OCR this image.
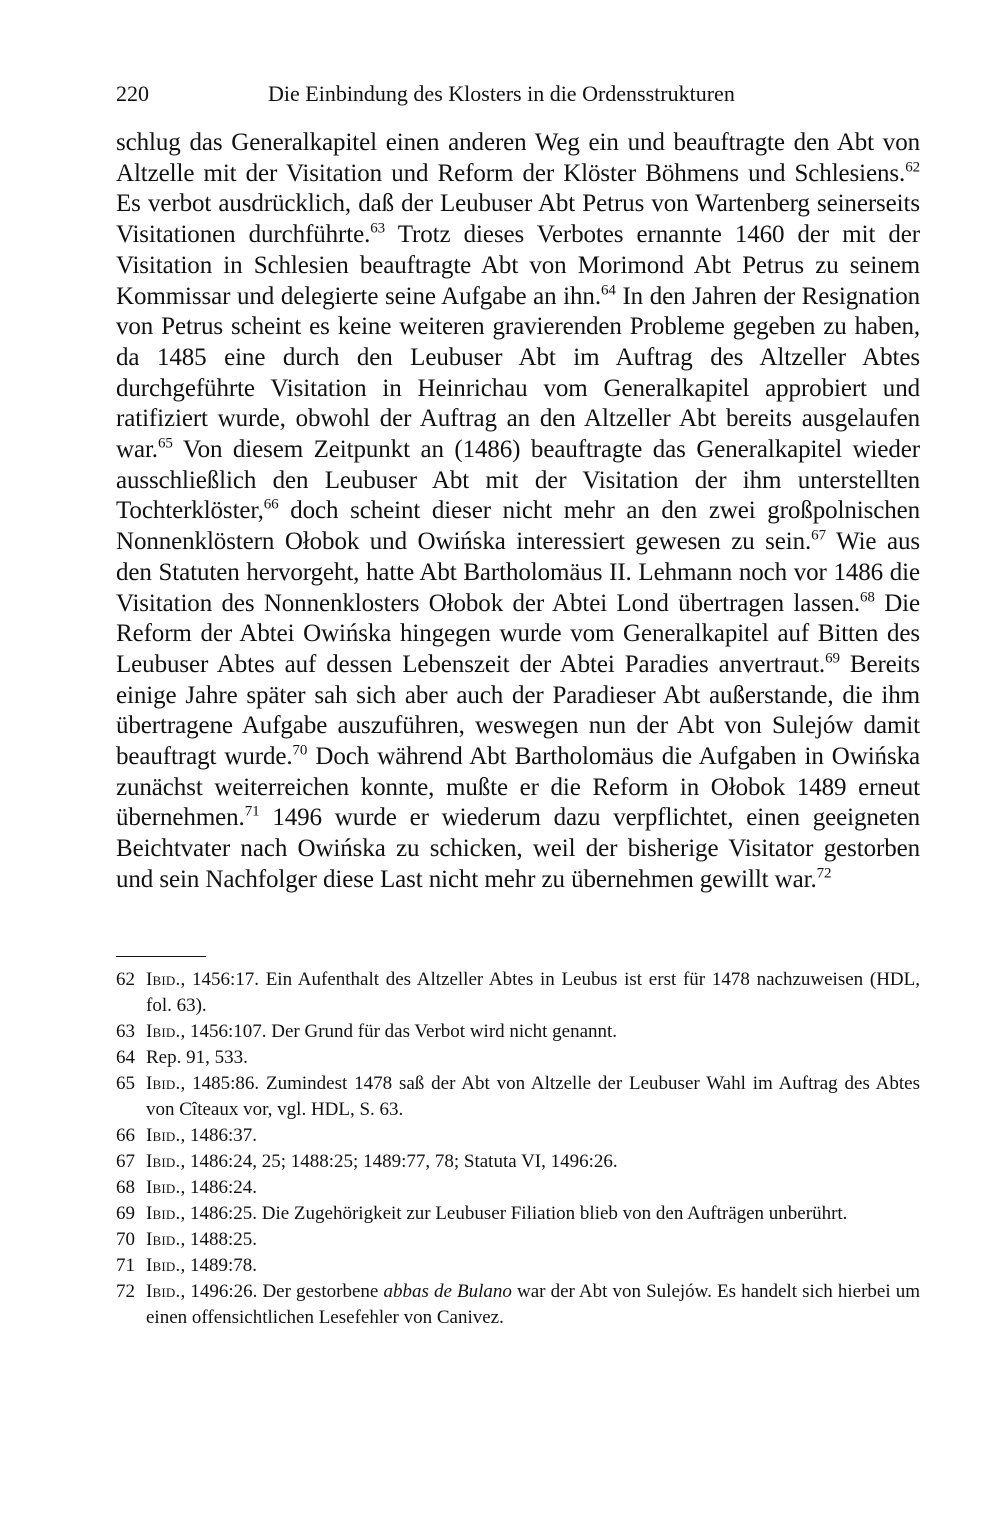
220	Die Einbindung des Klosters in die Ordensstrukturen

schlug das Generalkapitel einen anderen Weg ein und beauftragte den Abt von Altzelle mit der Visitation und Reform der Klöster Böhmens und Schlesiens.$^{62}$ Es verbot ausdrücklich, daß der Leubuser Abt Petrus von Wartenberg seinerseits Visitationen durchführte.$^{63}$ Trotz dieses Verbotes ernannte 1460 der mit der Visitation in Schlesien beauftragte Abt von Morimond Abt Petrus zu seinem Kommissar und delegierte seine Aufgabe an ihn.$^{64}$ In den Jahren der Resignation von Petrus scheint es keine weiteren gravierenden Probleme gegeben zu haben, da 1485 eine durch den Leubuser Abt im Auftrag des Altzeller Abtes durchgeführte Visitation in Heinrichau vom Generalkapitel approbiert und ratifiziert wurde, obwohl der Auftrag an den Altzeller Abt bereits ausgelaufen war.$^{65}$ Von diesem Zeitpunkt an (1486) beauftragte das Generalkapitel wieder ausschließlich den Leubuser Abt mit der Visitation der ihm unterstellten Tochterklöster,$^{66}$ doch scheint dieser nicht mehr an den zwei großpolnischen Nonnenklöstern Ołobok und Owińska interessiert gewesen zu sein.$^{67}$ Wie aus den Statuten hervorgeht, hatte Abt Bartholomäus II. Lehmann noch vor 1486 die Visitation des Nonnenklosters Ołobok der Abtei Lond übertragen lassen.$^{68}$ Die Reform der Abtei Owińska hingegen wurde vom Generalkapitel auf Bitten des Leubuser Abtes auf dessen Lebenszeit der Abtei Paradies anvertraut.$^{69}$ Bereits einige Jahre später sah sich aber auch der Paradieser Abt außerstande, die ihm übertragene Aufgabe auszuführen, weswegen nun der Abt von Sulejów damit beauftragt wurde.$^{70}$ Doch während Abt Bartholomäus die Aufgaben in Owińska zunächst weiterreichen konnte, mußte er die Reform in Ołobok 1489 erneut übernehmen.$^{71}$ 1496 wurde er wiederum dazu verpflichtet, einen geeigneten Beichtvater nach Owińska zu schicken, weil der bisherige Visitator gestorben und sein Nachfolger diese Last nicht mehr zu übernehmen gewillt war.$^{72}$

62 Ibid., 1456:17. Ein Aufenthalt des Altzeller Abtes in Leubus ist erst für 1478 nachzuweisen (HDL, fol. 63).
63 Ibid., 1456:107. Der Grund für das Verbot wird nicht genannt.
64 Rep. 91, 533.
65 Ibid., 1485:86. Zumindest 1478 saß der Abt von Altzelle der Leubuser Wahl im Auftrag des Abtes von Cîteaux vor, vgl. HDL, S. 63.
66 Ibid., 1486:37.
67 Ibid., 1486:24, 25; 1488:25; 1489:77, 78; Statuta VI, 1496:26.
68 Ibid., 1486:24.
69 Ibid., 1486:25. Die Zugehörigkeit zur Leubuser Filiation blieb von den Aufträgen unberührt.
70 Ibid., 1488:25.
71 Ibid., 1489:78.
72 Ibid., 1496:26. Der gestorbene abbas de Bulano war der Abt von Sulejów. Es handelt sich hierbei um einen offensichtlichen Lesefehler von Canivez.
